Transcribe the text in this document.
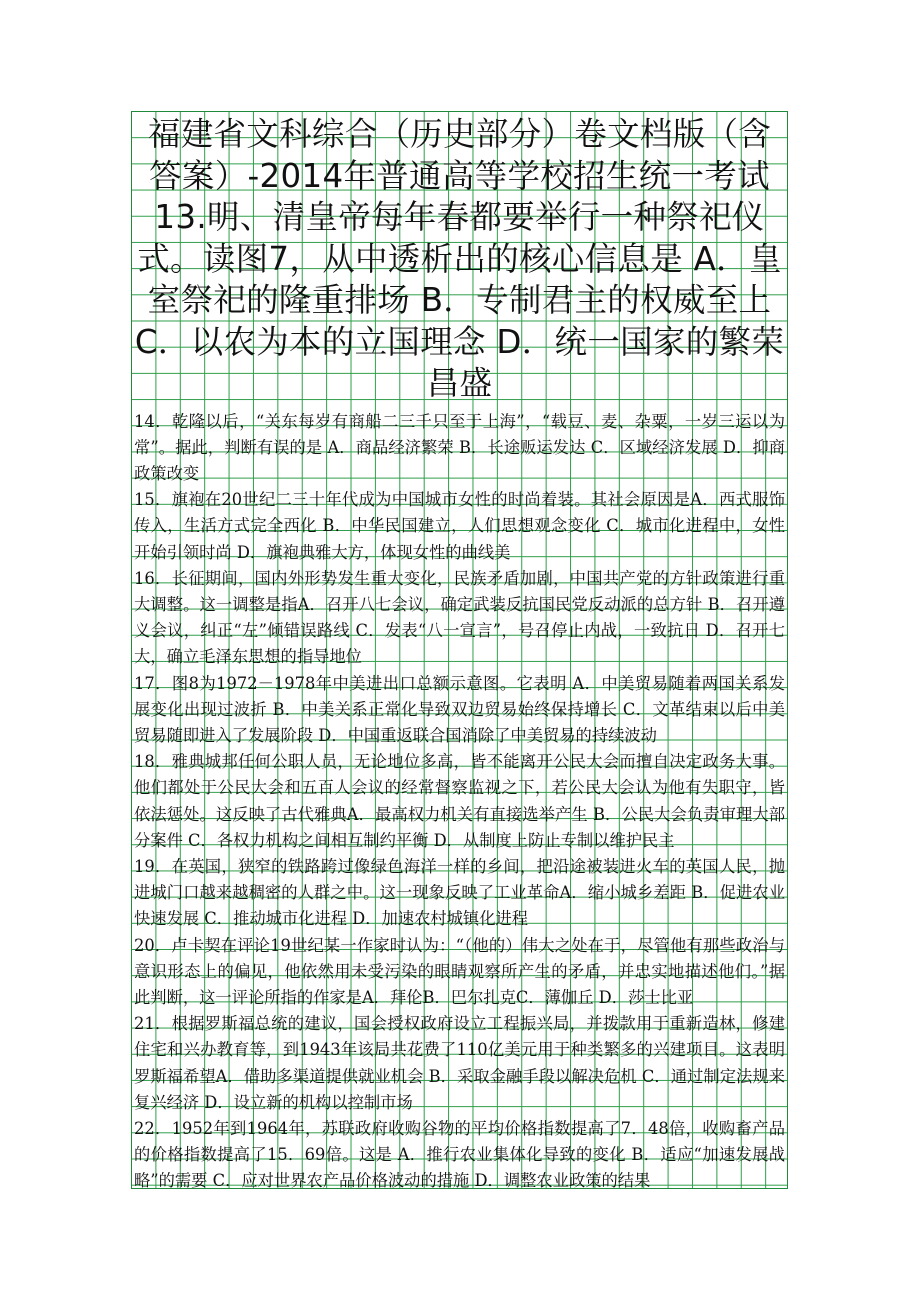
福建省文科综合（历史部分）卷文档版（含答案）-2014年普通高等学校招生统一考试 13.明、清皇帝每年春都要举行一种祭祀仪式。读图7，从中透析出的核心信息是 A．皇室祭祀的隆重排场 B．专制君主的权威至上 C．以农为本的立国理念 D．统一国家的繁荣昌盛

14．乾隆以后，“关东每岁有商船二三千只至于上海”，“载豆、麦、杂粟，一岁三运以为常”。据此，判断有误的是 A．商品经济繁荣 B．长途贩运发达 C．区域经济发展 D．抑商政策改变

15．旗袍在20世纪二三十年代成为中国城市女性的时尚着装。其社会原因是A．西式服饰传入，生活方式完全西化 B．中华民国建立，人们思想观念变化 C．城市化进程中，女性开始引领时尚 D．旗袍典雅大方，体现女性的曲线美

16．长征期间，国内外形势发生重大变化，民族矛盾加剧，中国共产党的方针政策进行重大调整。这一调整是指A．召开八七会议，确定武装反抗国民党反动派的总方针 B．召开遵义会议，纠正“左”倾错误路线 C．发表“八一宣言”，号召停止内战，一致抗日 D．召开七大，确立毛泽东思想的指导地位

17．图8为1972－1978年中美进出口总额示意图。它表明 A．中美贸易随着两国关系发展变化出现过波折 B．中美关系正常化导致双边贸易始终保持增长 C．文革结束以后中美贸易随即进入了发展阶段 D．中国重返联合国消除了中美贸易的持续波动

18．雅典城邦任何公职人员，无论地位多高，皆不能离开公民大会而擅自决定政务大事。他们都处于公民大会和五百人会议的经常督察监视之下，若公民大会认为他有失职守，皆依法惩处。这反映了古代雅典A．最高权力机关有直接选举产生 B．公民大会负责审理大部分案件 C．各权力机构之间相互制约平衡 D．从制度上防止专制以维护民主

19．在英国，狭窄的铁路跨过像绿色海洋一样的乡间，把沿途被装进火车的英国人民，抛进城门口越来越稠密的人群之中。这一现象反映了工业革命A．缩小城乡差距 B．促进农业快速发展 C．推动城市化进程 D．加速农村城镇化进程

20．卢卡契在评论19世纪某一作家时认为：“（他的）伟大之处在于，尽管他有那些政治与意识形态上的偏见，他依然用未受污染的眼睛观察所产生的矛盾，并忠实地描述他们。”据此判断，这一评论所指的作家是A．拜伦B．巴尔扎克C．薄伽丘 D．莎士比亚

21．根据罗斯福总统的建议，国会授权政府设立工程振兴局，并拨款用于重新造林，修建住宅和兴办教育等，到1943年该局共花费了110亿美元用于种类繁多的兴建项目。这表明罗斯福希望A．借助多渠道提供就业机会 B．采取金融手段以解决危机 C．通过制定法规来复兴经济 D．设立新的机构以控制市场

22．1952年到1964年，苏联政府收购谷物的平均价格指数提高了7．48倍，收购畜产品的价格指数提高了15．69倍。这是 A．推行农业集体化导致的变化 B．适应“加速发展战略”的需要 C．应对世界农产品价格波动的措施 D．调整农业政策的结果
